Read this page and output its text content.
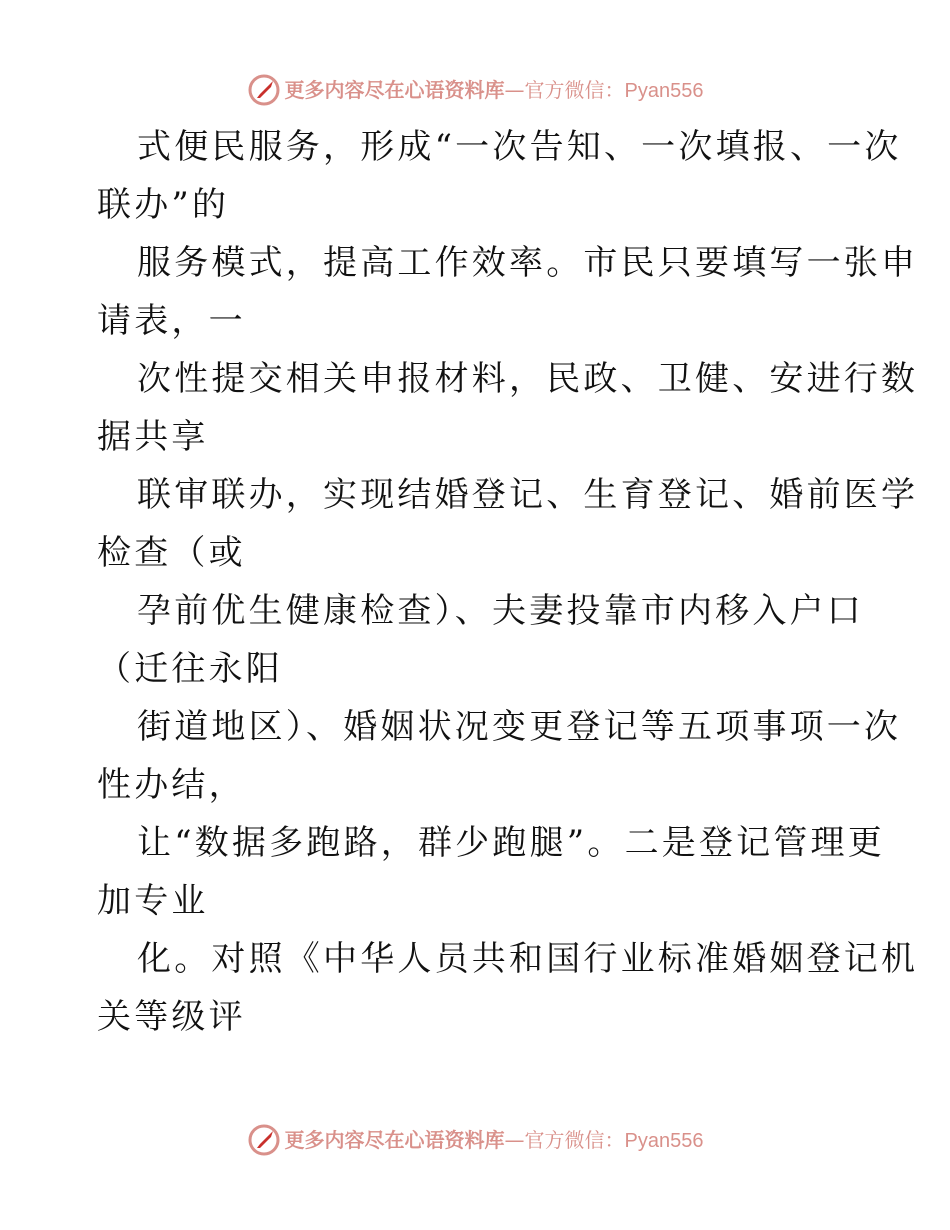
更多内容尽在心语资料库 — 官方微信： Pyan556
式便民服务，形成“一次告知、一次填报、一次
联办”的
服务模式，提高工作效率。市民只要填写一张申
请表，一
次性提交相关申报材料，民政、卫健、安进行数
据共享
联审联办，实现结婚登记、生育登记、婚前医学
检查（或
孕前优生健康检查）、夫妻投靠市内移入户口
（迁往永阳
街道地区）、婚姻状况变更登记等五项事项一次
性办结，
让“数据多跑路，群少跑腿”。二是登记管理更
加专业
化。对照《中华人员共和国行业标准婚姻登记机
关等级评
更多内容尽在心语资料库 — 官方微信： Pyan556
